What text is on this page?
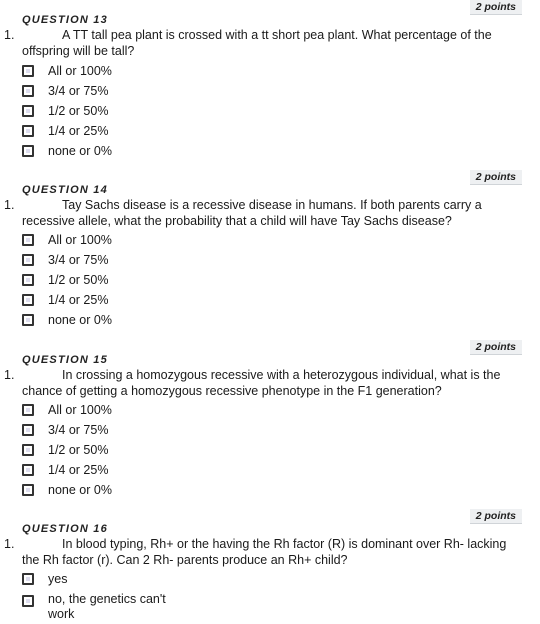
2 points
QUESTION 13
1.	A TT tall pea plant is crossed with a tt short pea plant. What percentage of the offspring will be tall?
All or 100%
3/4 or 75%
1/2 or 50%
1/4 or 25%
none or 0%
2 points
QUESTION 14
1.	Tay Sachs disease is a recessive disease in humans. If both parents carry a recessive allele, what the probability that a child will have Tay Sachs disease?
All or 100%
3/4 or 75%
1/2 or 50%
1/4 or 25%
none or 0%
2 points
QUESTION 15
1.	In crossing a homozygous recessive with a heterozygous individual, what is the chance of getting a homozygous recessive phenotype in the F1 generation?
All or 100%
3/4 or 75%
1/2 or 50%
1/4 or 25%
none or 0%
2 points
QUESTION 16
1.	In blood typing, Rh+ or the having the Rh factor (R) is dominant over Rh- lacking the Rh factor (r). Can 2 Rh- parents produce an Rh+ child?
yes
no, the genetics can't work
